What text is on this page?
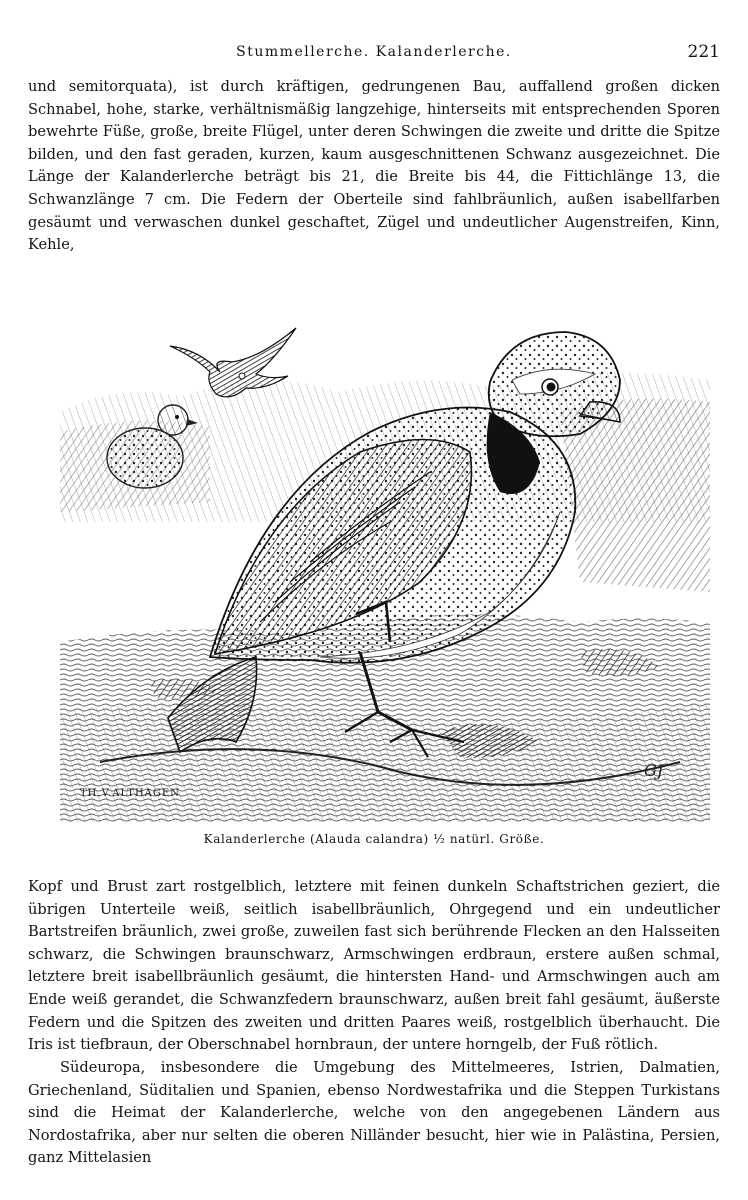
Stummellerche. Kalanderlerche.	221

und semitorquata), ist durch kräftigen, gedrungenen Bau, auffallend großen dicken Schnabel, hohe, starke, verhältnismäßig langzehige, hinterseits mit entsprechenden Sporen bewehrte Füße, große, breite Flügel, unter deren Schwingen die zweite und dritte die Spitze bilden, und den fast geraden, kurzen, kaum ausgeschnittenen Schwanz ausgezeichnet. Die Länge der Kalanderlerche beträgt bis 21, die Breite bis 44, die Fittichlänge 13, die Schwanzlänge 7 cm. Die Federn der Oberteile sind fahlbräunlich, außen isabellfarben gesäumt und verwaschen dunkel geschaftet, Zügel und undeutlicher Augenstreifen, Kinn, Kehle,

TH.V.ALTHAGEN
GJ
Kalanderlerche (Alauda calandra) ½ natürl. Größe.

Kopf und Brust zart rostgelblich, letztere mit feinen dunkeln Schaftstrichen geziert, die übrigen Unterteile weiß, seitlich isabellbräunlich, Ohrgegend und ein undeutlicher Bartstreifen bräunlich, zwei große, zuweilen fast sich berührende Flecken an den Halsseiten schwarz, die Schwingen braunschwarz, Armschwingen erdbraun, erstere außen schmal, letztere breit isabellbräunlich gesäumt, die hintersten Hand- und Armschwingen auch am Ende weiß gerandet, die Schwanzfedern braunschwarz, außen breit fahl gesäumt, äußerste Federn und die Spitzen des zweiten und dritten Paares weiß, rostgelblich überhaucht. Die Iris ist tiefbraun, der Oberschnabel hornbraun, der untere horngelb, der Fuß rötlich.

Südeuropa, insbesondere die Umgebung des Mittelmeeres, Istrien, Dalmatien, Griechenland, Süditalien und Spanien, ebenso Nordwestafrika und die Steppen Turkistans sind die Heimat der Kalanderlerche, welche von den angegebenen Ländern aus Nordostafrika, aber nur selten die oberen Nilländer besucht, hier wie in Palästina, Persien, ganz Mittelasien
